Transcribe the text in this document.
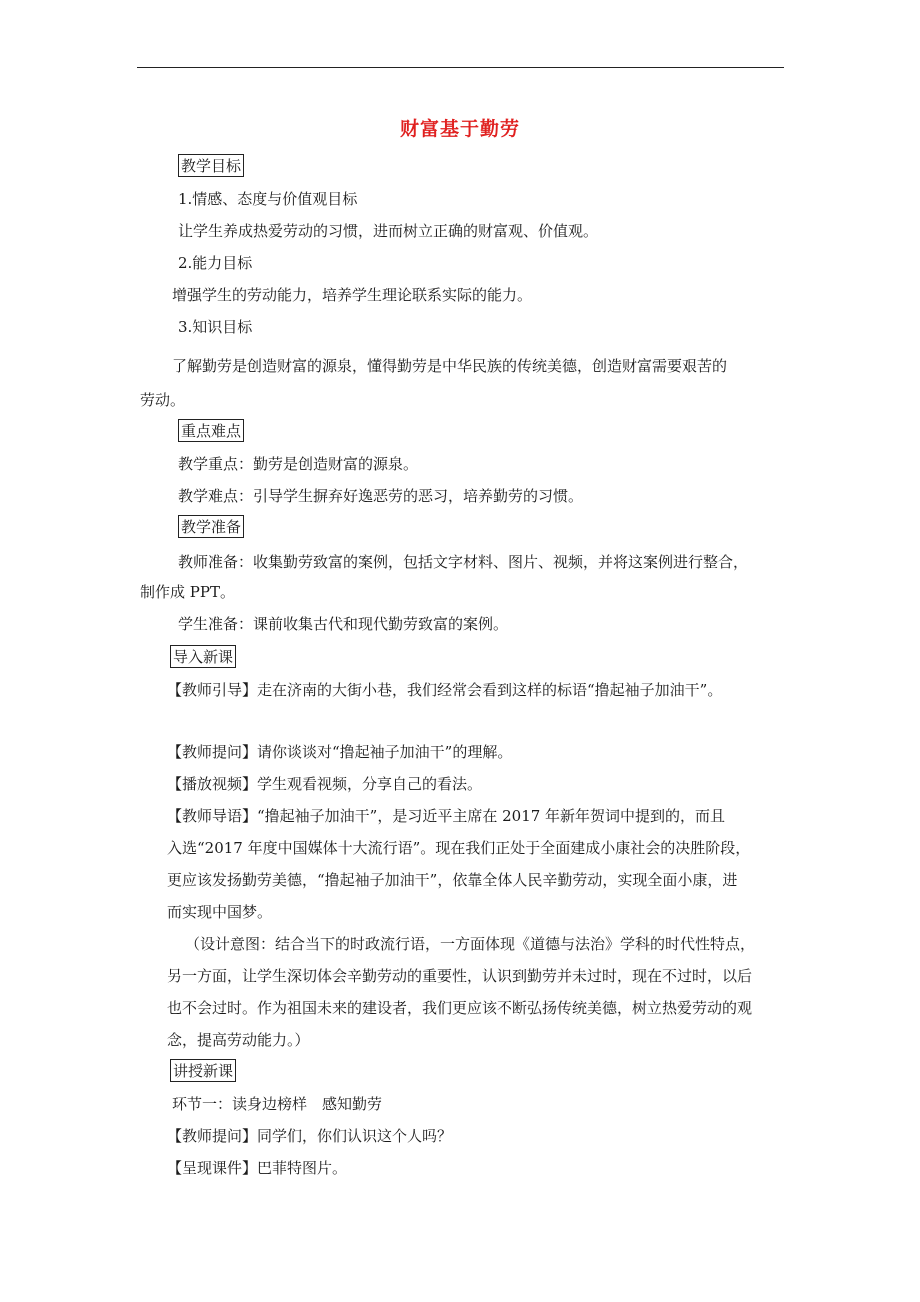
财富基于勤劳
教学目标
1.情感、态度与价值观目标
让学生养成热爱劳动的习惯，进而树立正确的财富观、价值观。
2.能力目标
增强学生的劳动能力，培养学生理论联系实际的能力。
3.知识目标
了解勤劳是创造财富的源泉，懂得勤劳是中华民族的传统美德，创造财富需要艰苦的
劳动。
重点难点
教学重点：勤劳是创造财富的源泉。
教学难点：引导学生摒弃好逸恶劳的恶习，培养勤劳的习惯。
教学准备
教师准备：收集勤劳致富的案例，包括文字材料、图片、视频，并将这案例进行整合，
制作成 PPT。
学生准备：课前收集古代和现代勤劳致富的案例。
导入新课
【教师引导】走在济南的大街小巷，我们经常会看到这样的标语“撸起袖子加油干”。
【教师提问】请你谈谈对“撸起袖子加油干”的理解。
【播放视频】学生观看视频，分享自己的看法。
【教师导语】“撸起袖子加油干”，是习近平主席在 2017 年新年贺词中提到的，而且
入选“2017 年度中国媒体十大流行语”。现在我们正处于全面建成小康社会的决胜阶段，
更应该发扬勤劳美德，“撸起袖子加油干”，依靠全体人民辛勤劳动，实现全面小康，进
而实现中国梦。
（设计意图：结合当下的时政流行语，一方面体现《道德与法治》学科的时代性特点，
另一方面，让学生深切体会辛勤劳动的重要性，认识到勤劳并未过时，现在不过时，以后
也不会过时。作为祖国未来的建设者，我们更应该不断弘扬传统美德，树立热爱劳动的观
念，提高劳动能力。）
讲授新课
环节一：读身边榜样　感知勤劳
【教师提问】同学们，你们认识这个人吗？
【呈现课件】巴菲特图片。
